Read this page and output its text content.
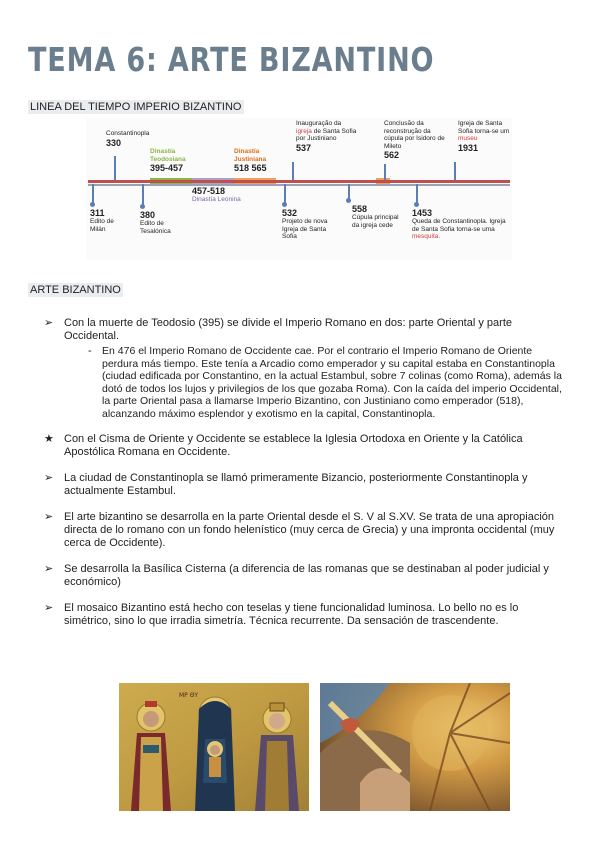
TEMA 6: ARTE BIZANTINO
LINEA DEL TIEMPO IMPERIO BIZANTINO
311
Edito de Milán
Constantinopla
330
380
Edito de Tesalónica
Dinastía Teodosiana
395-457
457-518
Dinastía Leonina
Dinastía Justiniana
518 565
532
Projeto de nova Igreja de Santa Sofia
Inauguração da igreja de Santa Sofia por Justiniano
537
558
Cúpula principal da igreja cede
Conclusão da reconstrução da cúpula por Isidoro de Mileto
562
1453
Queda de Constantinopla. Igreja de Santa Sofia torna-se uma mesquita.
Igreja de Santa Sofia torna-se um museu
1931
ARTE BIZANTINO
➢ Con la muerte de Teodosio (395) se divide el Imperio Romano en dos: parte Oriental y parte Occidental.
- En 476 el Imperio Romano de Occidente cae. Por el contrario el Imperio Romano de Oriente perdura más tiempo. Este tenía a Arcadio como emperador y su capital estaba en Constantinopla (ciudad edificada por Constantino, en la actual Estambul, sobre 7 colinas (como Roma), además la dotó de todos los lujos y privilegios de los que gozaba Roma). Con la caída del imperio Occidental, la parte Oriental pasa a llamarse Imperio Bizantino, con Justiniano como emperador (518), alcanzando máximo esplendor y exotismo en la capital, Constantinopla.
★ Con el Cisma de Oriente y Occidente se establece la Iglesia Ortodoxa en Oriente y la Católica Apostólica Romana en Occidente.
➢ La ciudad de Constantinopla se llamó primeramente Bizancio, posteriormente Constantinopla y actualmente Estambul.
➢ El arte bizantino se desarrolla en la parte Oriental desde el S. V al S.XV. Se trata de una apropiación directa de lo romano con un fondo helenístico (muy cerca de Grecia) y una impronta occidental (muy cerca de Occidente).
➢ Se desarrolla la Basílica Cisterna (a diferencia de las romanas que se destinaban al poder judicial y económico)
➢ El mosaico Bizantino está hecho con teselas y tiene funcionalidad luminosa. Lo bello no es lo simétrico, sino lo que irradia simetría. Técnica recurrente. Da sensación de trascendente.
ΜΡ ΘΥ
